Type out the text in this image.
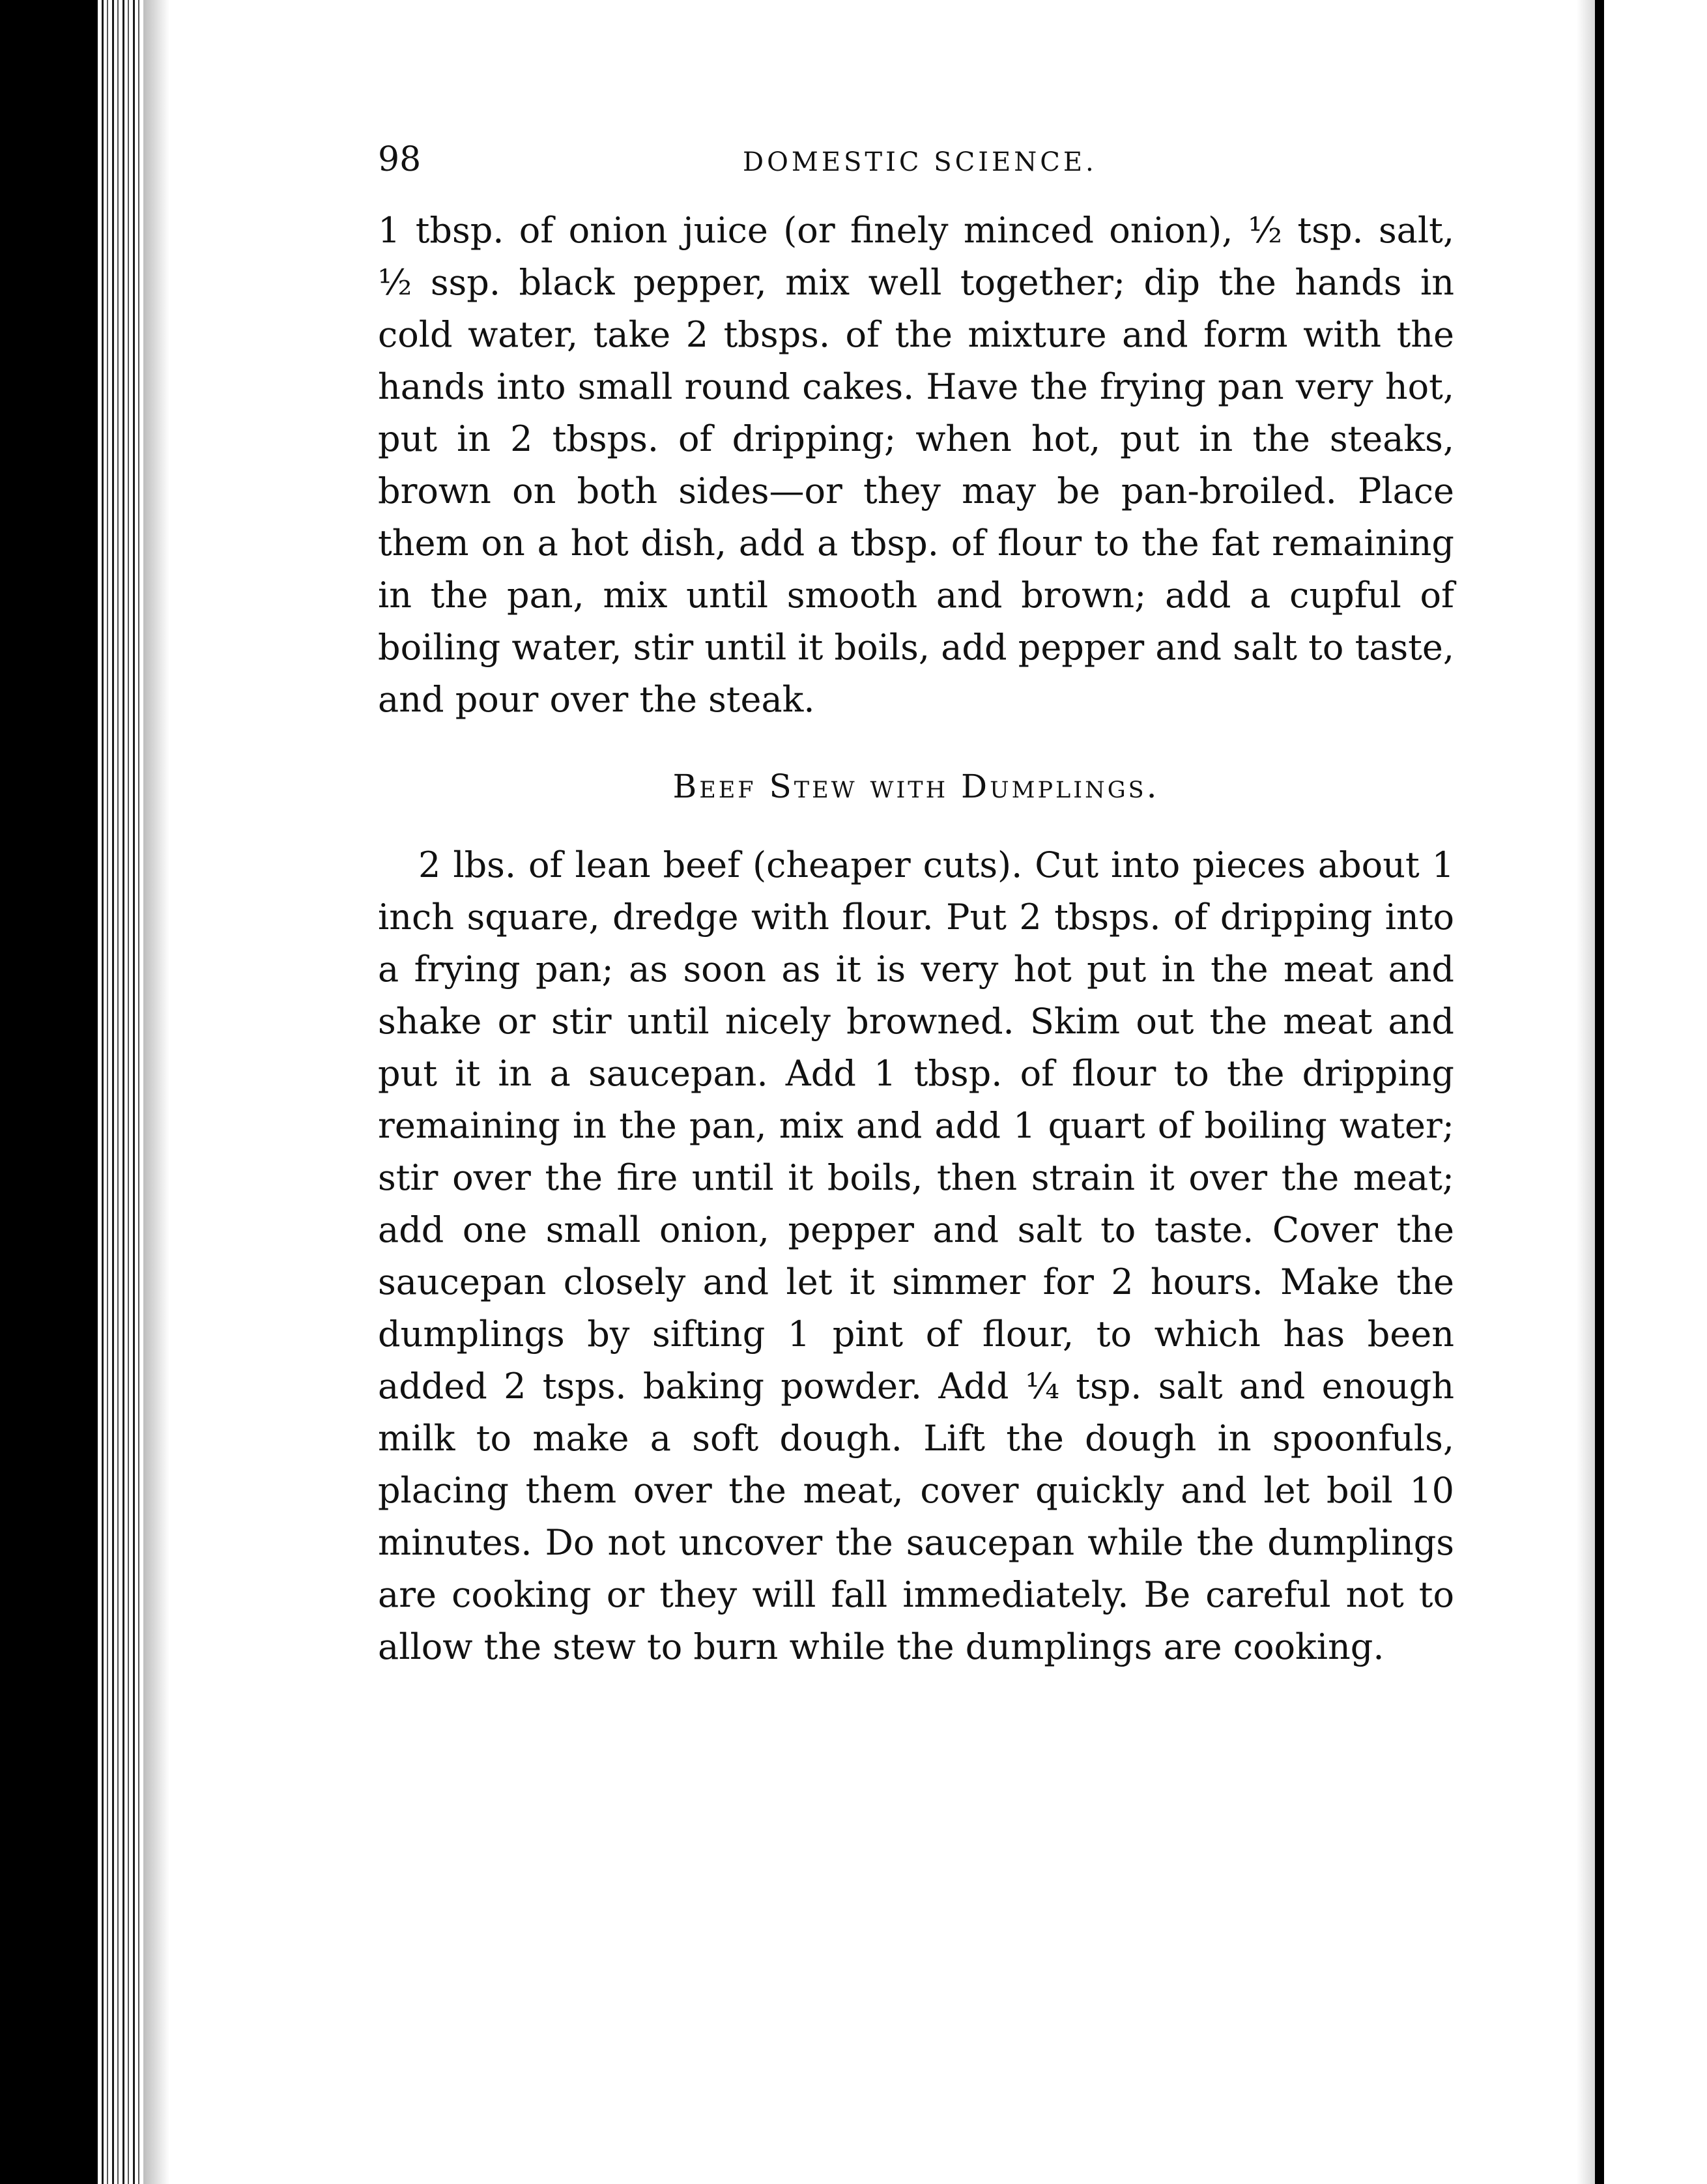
98	DOMESTIC SCIENCE.

1 tbsp. of onion juice (or finely minced onion), ½ tsp. salt, ½ ssp. black pepper, mix well together; dip the hands in cold water, take 2 tbsps. of the mixture and form with the hands into small round cakes. Have the frying pan very hot, put in 2 tbsps. of dripping; when hot, put in the steaks, brown on both sides—or they may be pan-broiled. Place them on a hot dish, add a tbsp. of flour to the fat remaining in the pan, mix until smooth and brown; add a cupful of boiling water, stir until it boils, add pepper and salt to taste, and pour over the steak.

Beef Stew with Dumplings.

2 lbs. of lean beef (cheaper cuts). Cut into pieces about 1 inch square, dredge with flour. Put 2 tbsps. of dripping into a frying pan; as soon as it is very hot put in the meat and shake or stir until nicely browned. Skim out the meat and put it in a saucepan. Add 1 tbsp. of flour to the dripping remaining in the pan, mix and add 1 quart of boiling water; stir over the fire until it boils, then strain it over the meat; add one small onion, pepper and salt to taste. Cover the saucepan closely and let it simmer for 2 hours. Make the dumplings by sifting 1 pint of flour, to which has been added 2 tsps. baking powder. Add ¼ tsp. salt and enough milk to make a soft dough. Lift the dough in spoonfuls, placing them over the meat, cover quickly and let boil 10 minutes. Do not uncover the saucepan while the dumplings are cooking or they will fall immediately. Be careful not to allow the stew to burn while the dumplings are cooking.
